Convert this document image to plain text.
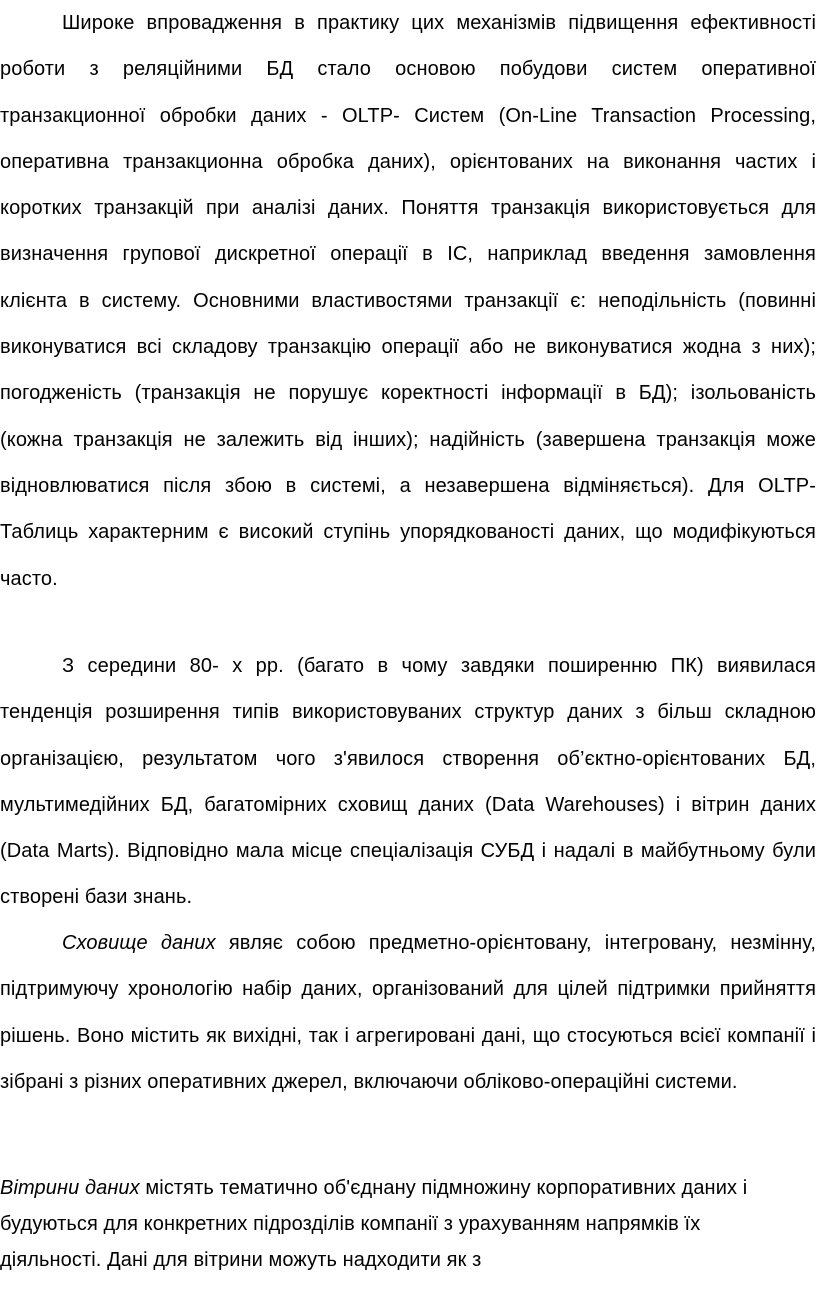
Широке впровадження в практику цих механізмів підвищення ефективності роботи з реляційними БД стало основою побудови систем оперативної транзакционної обробки даних - OLTP- Систем (On-Line Transaction Processing, оперативна транзакционна обробка даних), орієнтованих на виконання частих і коротких транзакцій при аналізі даних. Поняття транзакція використовується для визначення групової дискретної операції в ІС, наприклад введення замовлення клієнта в систему. Основними властивостями транзакції є: неподільність (повинні виконуватися всі складову транзакцію операції або не виконуватися жодна з них); погодженість (транзакція не порушує коректності інформації в БД); ізольованість (кожна транзакція не залежить від інших); надійність (завершена транзакція може відновлюватися після збою в системі, а незавершена відміняється). Для OLTP-Таблиць характерним є високий ступінь упорядкованості даних, що модифікуються часто.

З середини 80- х рр. (багато в чому завдяки поширенню ПК) виявилася тенденція розширення типів використовуваних структур даних з більш складною організацією, результатом чого з'явилося створення об’єктно-орієнтованих БД, мультимедійних БД, багатомірних сховищ даних (Data Warehouses) і вітрин даних (Data Marts). Відповідно мала місце спеціалізація СУБД і надалі в майбутньому були створені бази знань.

Сховище даних являє собою предметно-орієнтовану, інтегровану, незмінну, підтримуючу хронологію набір даних, організований для цілей підтримки прийняття рішень. Воно містить як вихідні, так і агрегировані дані, що стосуються всієї компанії і зібрані з різних оперативних джерел, включаючи обліково-операційні системи.

Вітрини даних містять тематично об'єднану підмножину корпоративних даних і будуються для конкретних підрозділів компанії з урахуванням напрямків їх діяльності. Дані для вітрини можуть надходити як з
